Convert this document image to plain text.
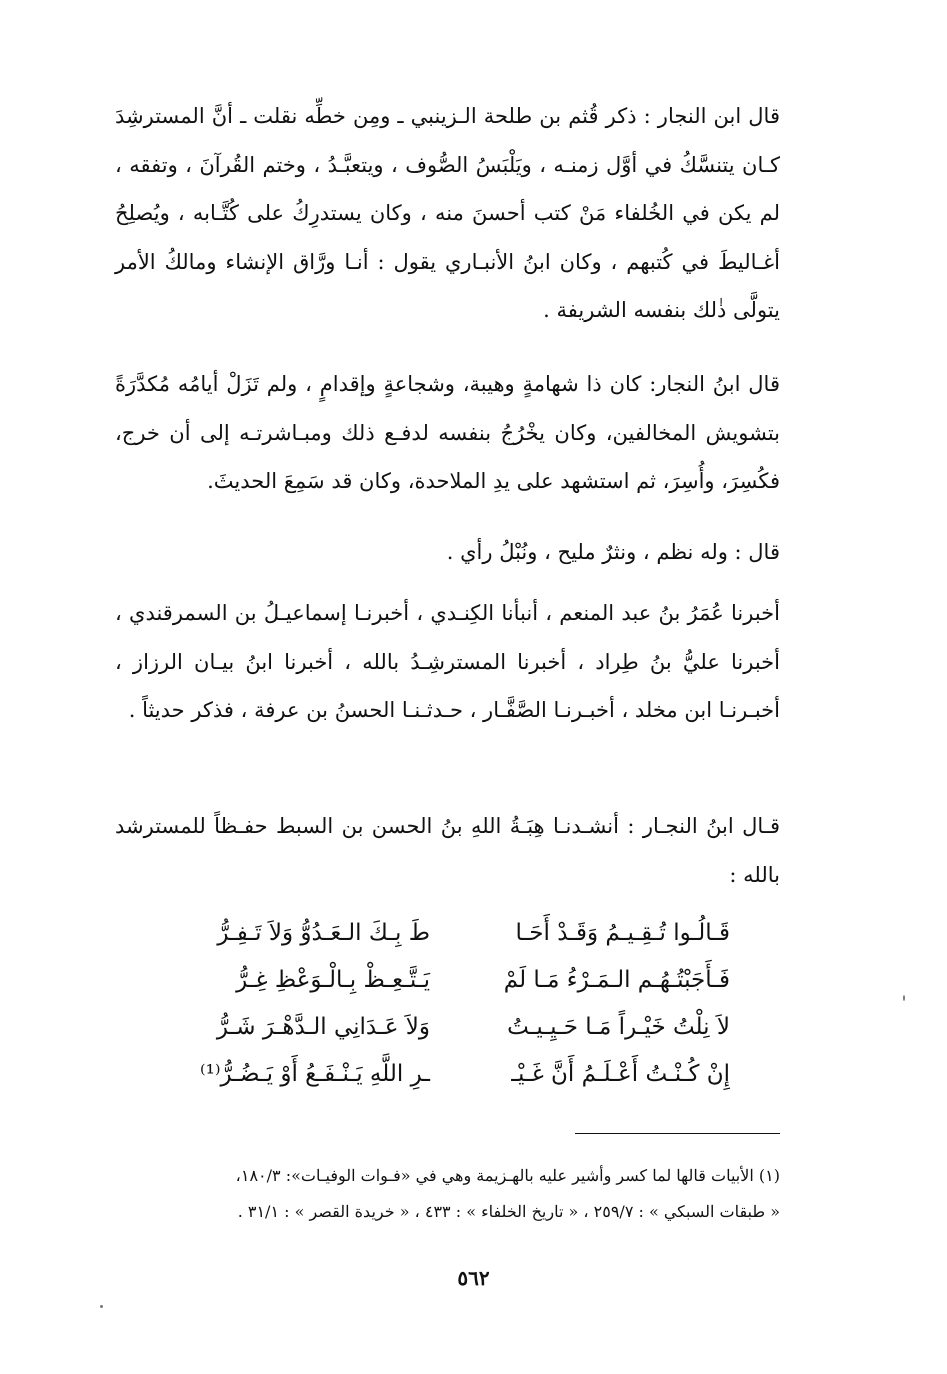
قال ابن النجار : ذكر قُثم بن طلحة الـزينبي ـ ومِن خطِّه نقلت ـ أنَّ المسترشِدَ كـان يتنسَّكُ في أوَّل زمنـه ، ويَلْبَسُ الصُّوف ، ويتعبَّـدُ ، وختم القُرآنَ ، وتفقه ، لم يكن في الخُلفاء مَنْ كتب أحسنَ منه ، وكان يستدرِكُ على كُتَّـابه ، ويُصلِحُ أغـاليطَ في كُتبهم ، وكان ابنُ الأنبـاري يقول : أنـا ورَّاق الإنشاء ومالكُ الأمر يتولَّى ذٰلك بنفسه الشريفة .

قال ابنُ النجار: كان ذا شهامةٍ وهيبة، وشجاعةٍ وإقدامٍ ، ولم تَزَلْ أيامُه مُكدَّرَةً بتشويش المخالفين، وكان يخْرُجُ بنفسه لدفـع ذلك ومبـاشرتـه إلى أن خرج، فكُسِرَ، وأُسِرَ، ثم استشهد على يدِ الملاحدة، وكان قد سَمِعَ الحديثَ.

قال : وله نظم ، ونثرٌ مليح ، ونُبْلُ رأي .

أخبرنا عُمَرُ بنُ عبد المنعم ، أنبأنا الكِنـدي ، أخبرنـا إسماعيـلُ بن السمرقندي ، أخبرنا عليُّ بنُ طِراد ، أخبرنا المسترشِـدُ بالله ، أخبرنا ابنُ بيـان الرزاز ، أخبـرنـا ابن مخلد ، أخبـرنـا الصَّفَّـار ، حـدثـنـا الحسنُ بن عرفة ، فذكر حديثاً .

قـال ابنُ النجـار : أنشـدنـا هِبَـةُ اللهِ بنُ الحسن بن السبط حفـظاً للمسترشد بالله :

قَـالُـوا تُـقِـيـمُ وَقَـدْ أَحَـا
طَ بِـكَ الـعَـدُوُّ وَلاَ تَـفِـرُّ
فَـأَجَبْتُـهُـم الـمَـرْءُ مَـا لَمْ
يَـتَّـعِـظْ بِـالْـوَعْظِ غِـرُّ
لاَ نِلْتُ خَيْـراً مَـا حَـيِـيـتُ
وَلاَ عَـدَانِي الـدَّهْـرَ شَـرُّ
إِنْ كُـنْـتُ أَعْـلَـمُ أَنَّ غَـيْـ
ـرِ اللَّهِ يَـنْـفَـعُ أَوْ يَـضُـرُّ⁽¹⁾
(١) الأبيات قالها لما كسر وأشير عليه بالهـزيمة وهي في «فـوات الوفيـات»: ١٨٠/٣،
« طبقات السبكي » : ٢٥٩/٧ ، « تاريخ الخلفاء » : ٤٣٣ ، « خريدة القصر » : ٣١/١ .
٥٦٢
